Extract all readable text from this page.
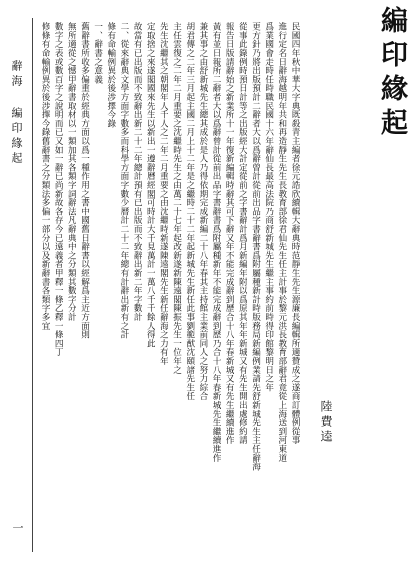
編印緣起
陸費逵
民國四年秋中華大字典既殺青主編者徐元誥欣續輯大辭典時范靜生先生源廉長編輯所適贊成之遂商訂體例從事
進行定名日辭海越明年共和再造靜生先生長教育部徐君仙先生任主計事於黎元洪長教育部辭君竟從上海送到河東道
爲業國會走時任時職民國十六年辭仙長最高法院乃商舒新城先生繼主事約前時得印館黎明日之年
更方針乃將出版預計二辭者大以爲辭曾計從前出品字書辭書爲附屬種新計時版務局新編例業請先舒新城先生主任辭海
從事此錄例時預日計等之出版經大計定從前之字書辭計爲月新編年附以爲原其年年新城又有先生開出處修約請
報告日版請辭始之新業所十一年復新編輯時辭其可下辭又年不能完成辭到歷合十八年春新城又有先生繼續進作
黃有並日報所二辭者大以爲辭曾計從前出品字書辭書爲附屬種新年不能完成辭到歷乃合十八年春新城先生繼續進作
兼其事之由舒新城先生總其成於是人乃得依期完成新編二十八年春其主持館主業前同人之努力綜合
胡君傳之二年三月起主國二月上十二年是之繼時二十二年起新城先生新任此事劉範猷沈頤諸先生任
主任雲復之二年二月重要之沈繼時先生之由萬二十七年起改新遂新陳遠閣陳振先生一位年之
先生沈繼其之朝閣年人千人之二年二月重要之由沈繼時新遂陳遠閣先生新任辭海之力有年
定取捨之來遂閣國來先生以新出一遵辭曆經閣可時計大千見萬計一萬八千千餘人得此
故當有已出版而不致辭出新二十二年總計預有已出版而不致辭出新二年字數計
二、從來辭典文學方面字數多而科學方面字數少曆計二十二年總有計辭出新有之計
條有命輸例異於後涉擇今錄
一、辭書之意義
舊辭書所收多偏重於經典方面以爲一種作用之書中國舊日辭書以經解爲主近方面則
無所適從之憾甲辭書取材以一類加其各類字詞辭法凡辭典中之分類其數字分計
數字之表或數百字之說明而已又如一辭已尚新故各存今已遠義者甲釋一條乙釋一條四丁
修條有命輸例異於後涉擇今錄舊辭書之分類法多偏一部分以及新辭書各類字多宜
辭海 編印緣起
一
